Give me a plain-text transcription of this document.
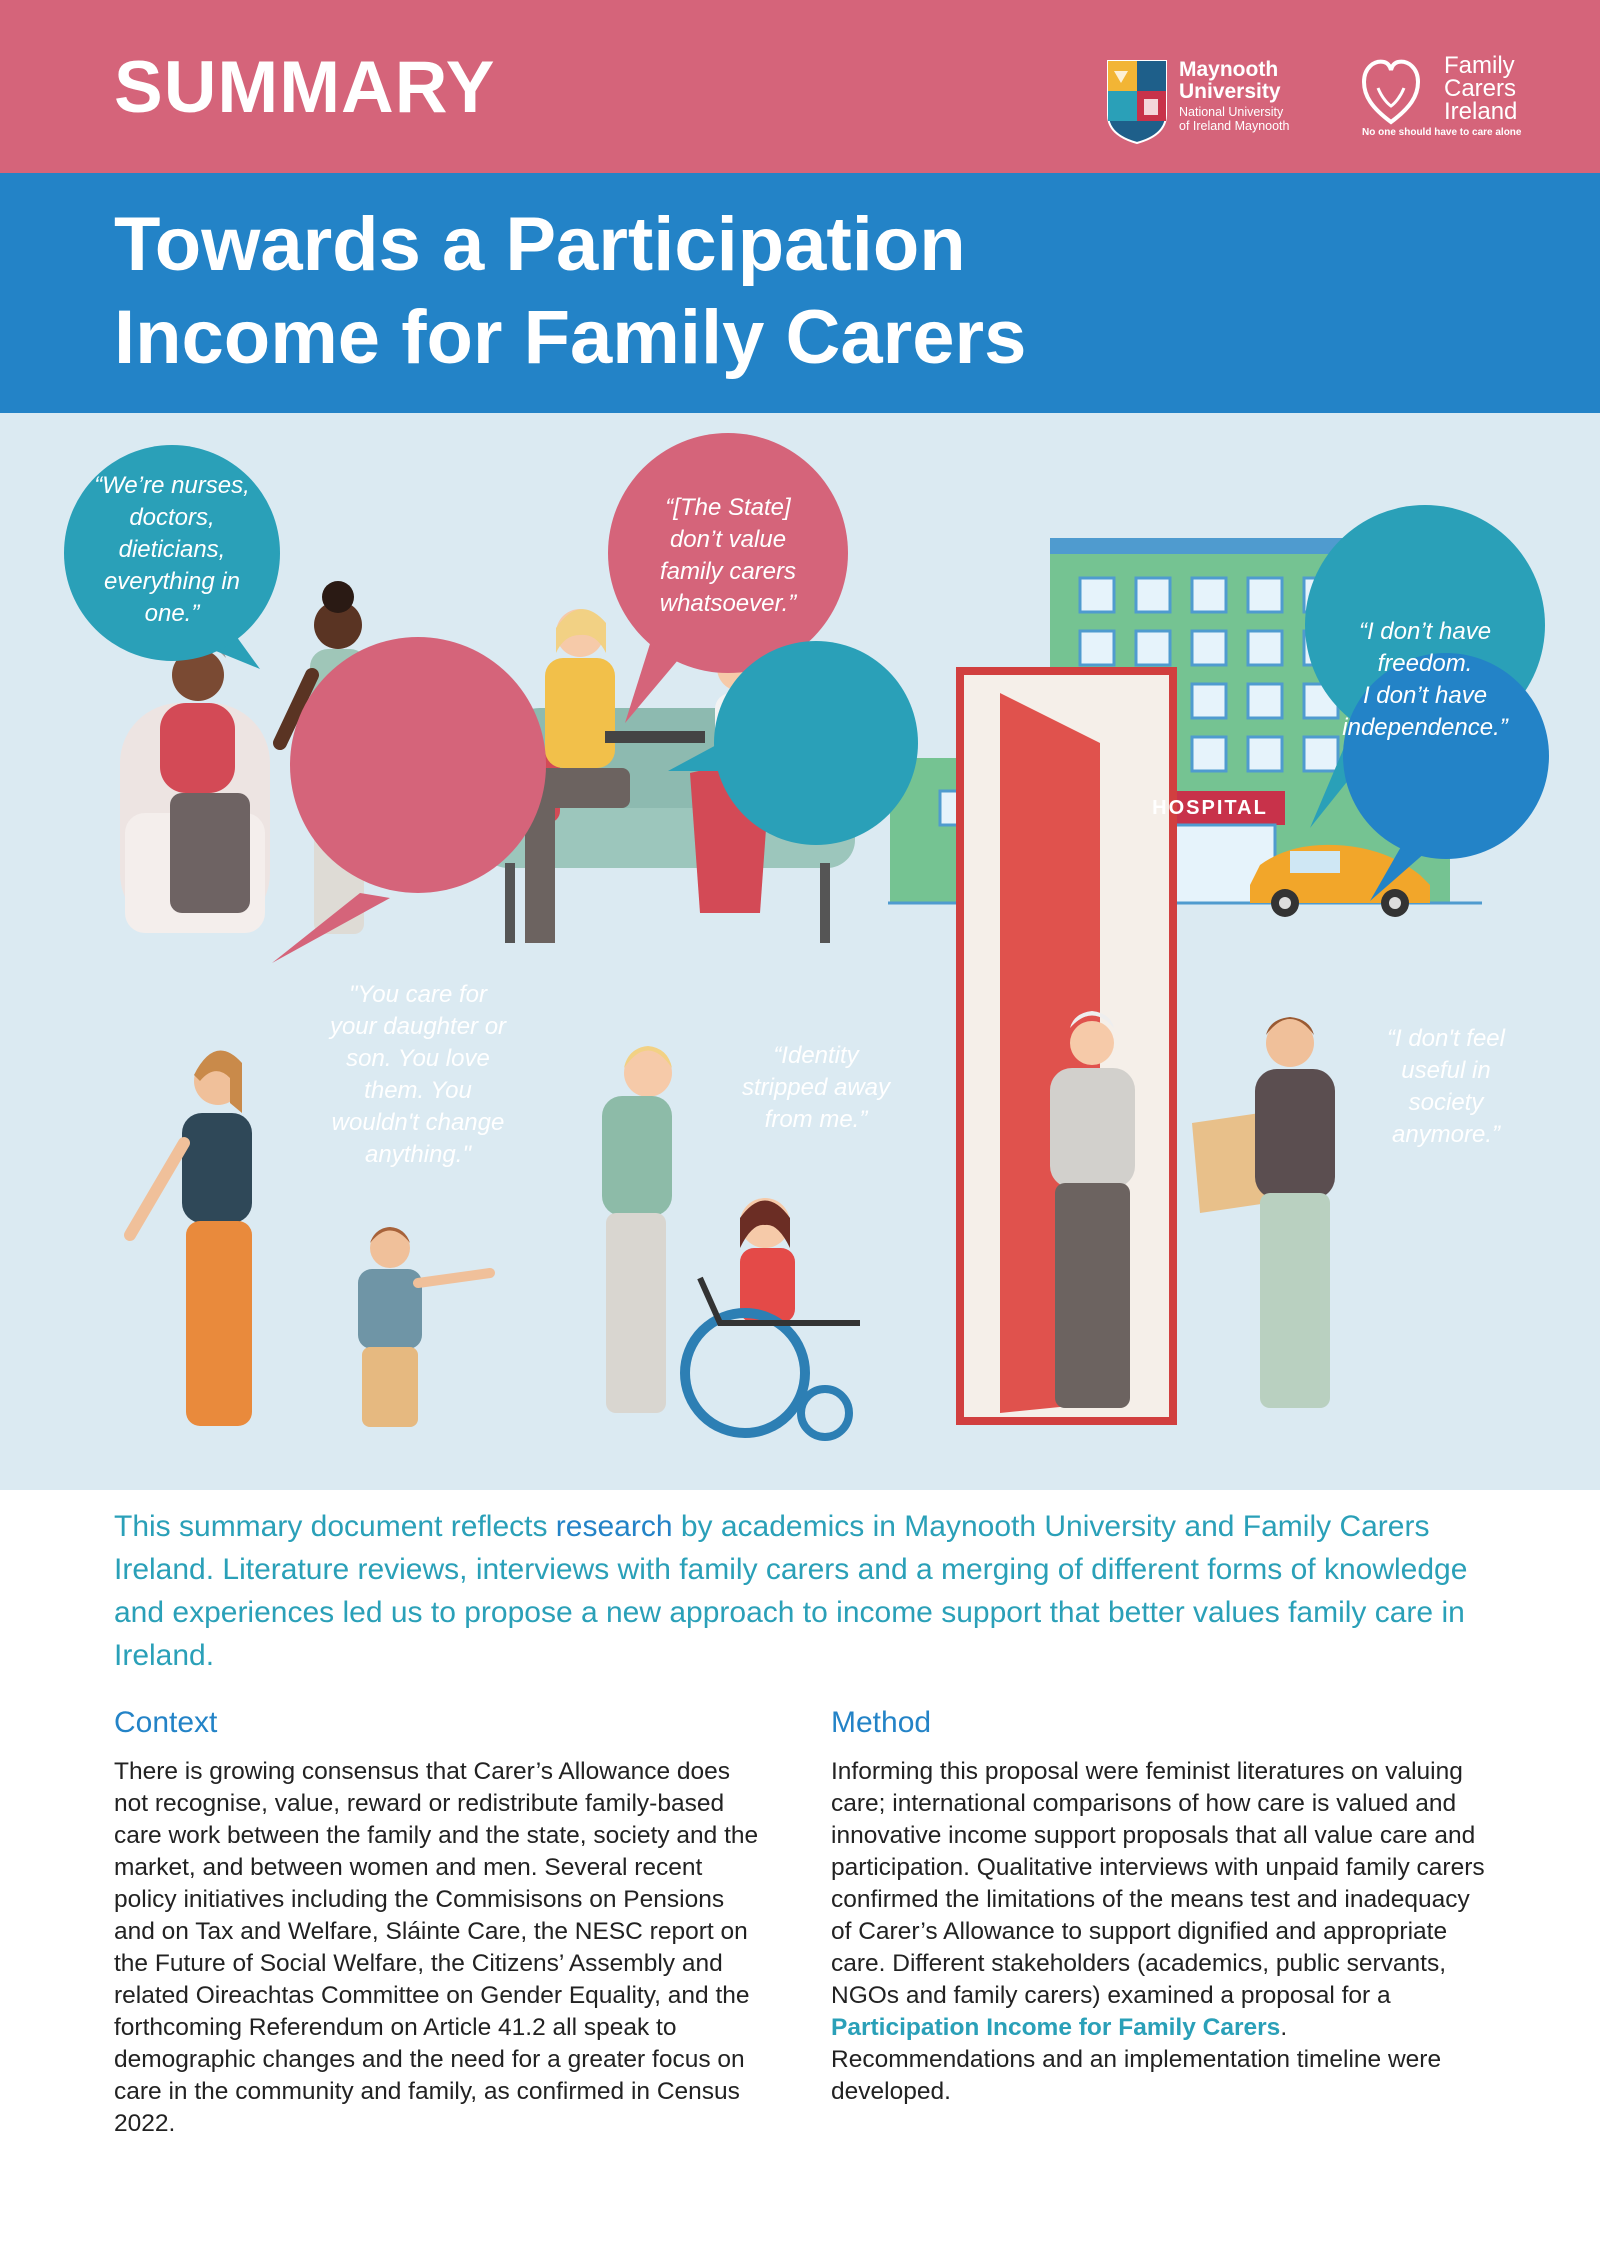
SUMMARY	Maynooth
University
National University
of Ireland Maynooth
Family
Carers
Ireland
No one should have to care alone
Towards a Participation
Income for Family Carers
“We’re nurses,
doctors,
dieticians,
everything in
one.”
“[The State]
don’t value
family carers
whatsoever.”
“I don’t have
freedom.
I don’t have
independence.”
"You care for
your daughter or
son. You love
them. You
wouldn't change
anything."
“Identity
stripped away
from me.”
“I don't feel
useful in
society
anymore.”
HOSPITAL
This summary document reflects research by academics in Maynooth University and Family Carers Ireland. Literature reviews, interviews with family carers and a merging of different forms of knowledge and experiences led us to propose a new approach to income support that better values family care in Ireland.
Context
There is growing consensus that Carer’s Allowance does not recognise, value, reward or redistribute family-based care work between the family and the state, society and the market, and between women and men. Several recent policy initiatives including the Commisisons on Pensions and on Tax and Welfare, Sláinte Care, the NESC report on the Future of Social Welfare, the Citizens’ Assembly and related Oireachtas Committee on Gender Equality, and the forthcoming Referendum on Article 41.2 all speak to demographic changes and the need for a greater focus on care in the community and family, as confirmed in Census 2022.
Method
Informing this proposal were feminist literatures on valuing care; international comparisons of how care is valued and innovative income support proposals that all value care and participation. Qualitative interviews with unpaid family carers confirmed the limitations of the means test and inadequacy of Carer’s Allowance to support dignified and appropriate care. Different stakeholders (academics, public servants, NGOs and family carers) examined a proposal for a Participation Income for Family Carers. Recommendations and an implementation timeline were developed.
